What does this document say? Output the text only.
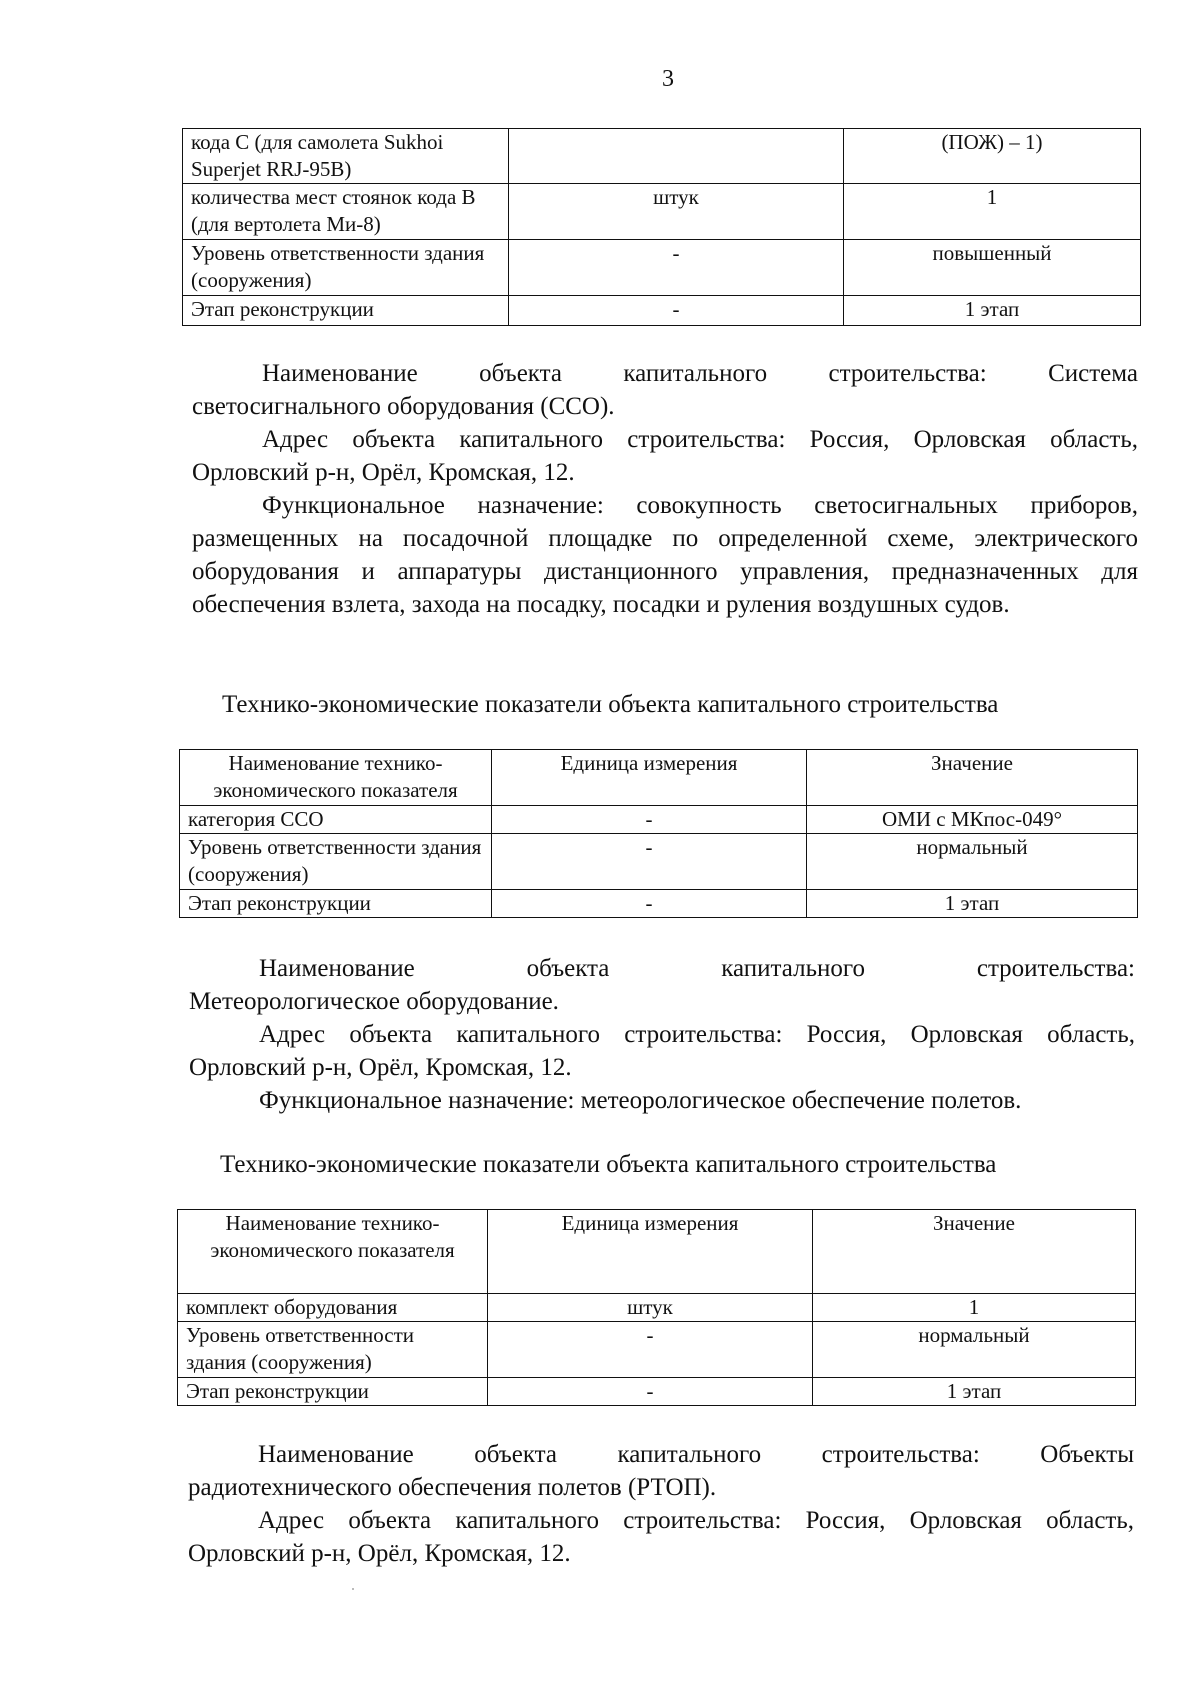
3
кода С (для самолета Sukhoi Superjet RRJ-95B)		(ПОЖ) – 1)
количества мест стоянок кода В (для вертолета Ми-8)	штук	1
Уровень ответственности здания (сооружения)	-	повышенный
Этап реконструкции	-	1 этап
Наименование объекта капитального строительства: Система
светосигнального оборудования (ССО).
Адрес объекта капитального строительства: Россия, Орловская область, Орловский р-н, Орёл, Кромская, 12.
Функциональное назначение: совокупность светосигнальных приборов, размещенных на посадочной площадке по определенной схеме, электрического оборудования и аппаратуры дистанционного управления, предназначенных для обеспечения взлета, захода на посадку, посадки и руления воздушных судов.
Технико-экономические показатели объекта капитального строительства
Наименование технико-экономического показателя	Единица измерения	Значение
категория ССО	-	ОМИ с МКпос-049°
Уровень ответственности здания (сооружения)	-	нормальный
Этап реконструкции	-	1 этап
Наименование объекта капитального строительства:
Метеорологическое оборудование.
Адрес объекта капитального строительства: Россия, Орловская область, Орловский р-н, Орёл, Кромская, 12.
Функциональное назначение: метеорологическое обеспечение полетов.
Технико-экономические показатели объекта капитального строительства
Наименование технико-экономического показателя	Единица измерения	Значение
комплект оборудования	штук	1
Уровень ответственности здания (сооружения)	-	нормальный
Этап реконструкции	-	1 этап
Наименование объекта капитального строительства: Объекты
радиотехнического обеспечения полетов (РТОП).
Адрес объекта капитального строительства: Россия, Орловская область, Орловский р-н, Орёл, Кромская, 12.
